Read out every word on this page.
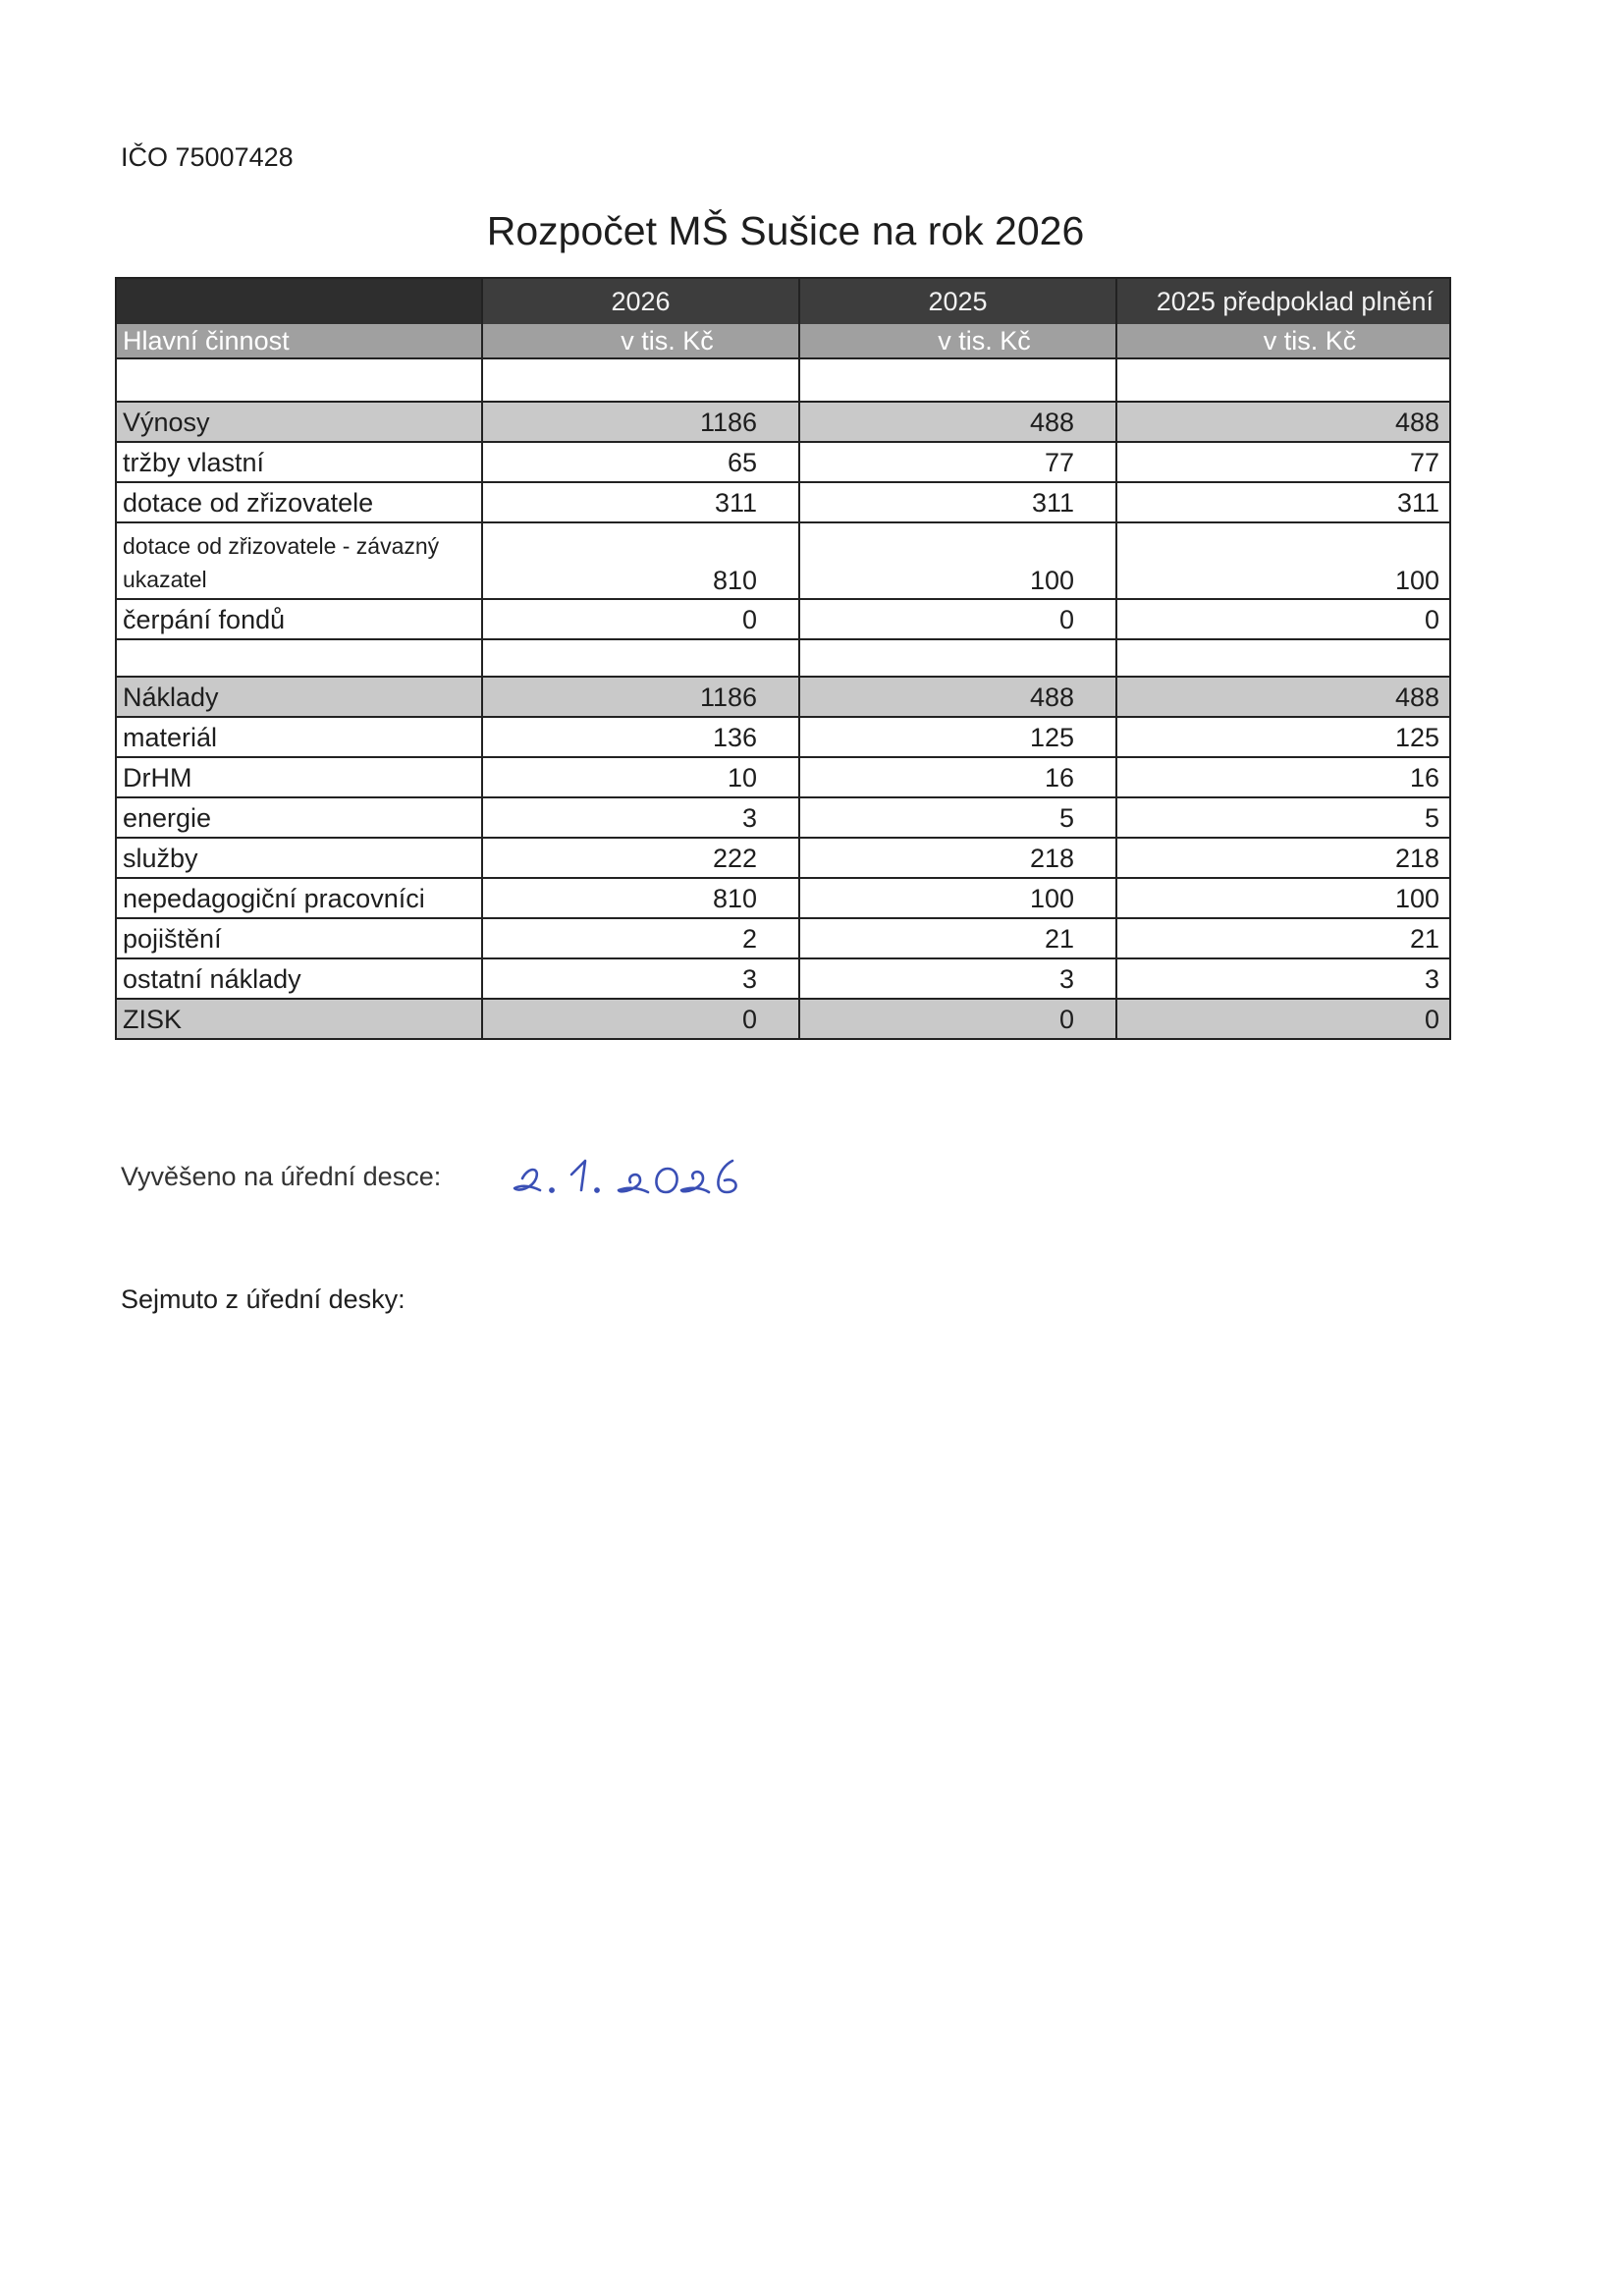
IČO 75007428
Rozpočet MŠ Sušice na rok 2026
	2026	2025	2025 předpoklad plnění
Hlavní činnost	v tis. Kč	v tis. Kč	v tis. Kč

Výnosy	1186	488	488
tržby vlastní	65	77	77
dotace od zřizovatele	311	311	311
dotace od zřizovatele - závazný ukazatel	810	100	100
čerpání fondů	0	0	0

Náklady	1186	488	488
materiál	136	125	125
DrHM	10	16	16
energie	3	5	5
služby	222	218	218
nepedagogiční pracovníci	810	100	100
pojištění	2	21	21
ostatní náklady	3	3	3
ZISK	0	0	0
Vyvěšeno na úřední desce:
Sejmuto z úřední desky:
